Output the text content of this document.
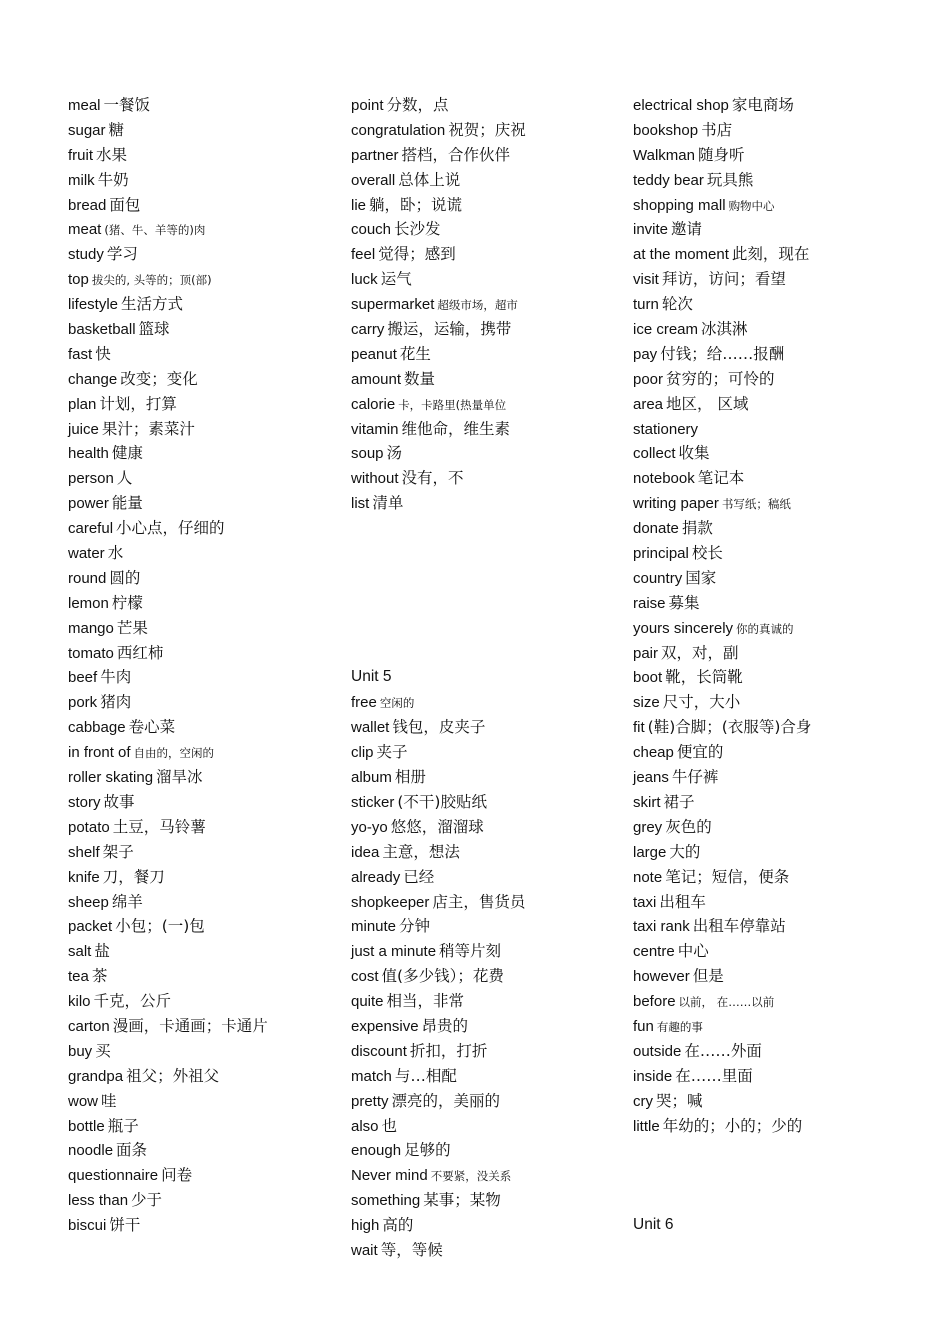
meal 一餐饭
sugar 糖
fruit 水果
milk 牛奶
bread 面包
meat (猪、牛、羊等的)肉
study 学习
top 拔尖的, 头等的；顶(部)
lifestyle 生活方式
basketball 篮球
fast 快
change 改变；变化
plan 计划，打算
juice 果汁；素菜汁
health 健康
person 人
power 能量
careful 小心点，仔细的
water 水
round 圆的
lemon 柠檬
mango 芒果
tomato 西红柿
beef 牛肉
pork 猪肉
cabbage 卷心菜
in front of 自由的，空闲的
roller skating 溜旱冰
story 故事
potato 土豆，马铃薯
shelf 架子
knife 刀，餐刀
sheep 绵羊
packet 小包；(一)包
salt 盐
tea 茶
kilo 千克，公斤
carton 漫画，卡通画；卡通片
buy 买
grandpa 祖父；外祖父
wow 哇
bottle 瓶子
noodle 面条
questionnaire 问卷
less than 少于
biscui 饼干
point 分数，点
congratulation 祝贺；庆祝
partner 搭档，合作伙伴
overall 总体上说
lie 躺，卧；说谎
couch 长沙发
feel 觉得；感到
luck 运气
supermarket 超级市场，超市
carry 搬运，运输，携带
peanut 花生
amount 数量
calorie 卡，卡路里(热量单位
vitamin 维他命，维生素
soup 汤
without 没有，不
list 清单
Unit 5
free 空闲的
wallet 钱包，皮夹子
clip 夹子
album 相册
sticker (不干)胶贴纸
yo-yo 悠悠，溜溜球
idea 主意，想法
already 已经
shopkeeper 店主，售货员
minute 分钟
just a minute 稍等片刻
cost 值(多少钱）；花费
quite 相当，非常
expensive 昂贵的
discount 折扣，打折
match 与…相配
pretty 漂亮的，美丽的
also 也
enough 足够的
Never mind 不要紧，没关系
something 某事；某物
high 高的
wait 等，等候
electrical shop 家电商场
bookshop 书店
Walkman 随身听
teddy bear 玩具熊
shopping mall 购物中心
invite 邀请
at the moment 此刻，现在
visit 拜访，访问；看望
turn 轮次
ice cream 冰淇淋
pay 付钱；给……报酬
poor 贫穷的；可怜的
area 地区， 区域
stationery
collect 收集
notebook 笔记本
writing paper 书写纸；稿纸
donate 捐款
principal 校长
country 国家
raise 募集
yours sincerely 你的真诚的
pair 双，对，副
boot 靴，长筒靴
size 尺寸，大小
fit (鞋)合脚；(衣服等)合身
cheap 便宜的
jeans 牛仔裤
skirt 裙子
grey 灰色的
large 大的
note 笔记；短信，便条
taxi 出租车
taxi rank 出租车停靠站
centre 中心
however 但是
before 以前， 在……以前
fun 有趣的事
outside 在……外面
inside 在……里面
cry 哭；喊
little 年幼的；小的；少的
Unit 6
